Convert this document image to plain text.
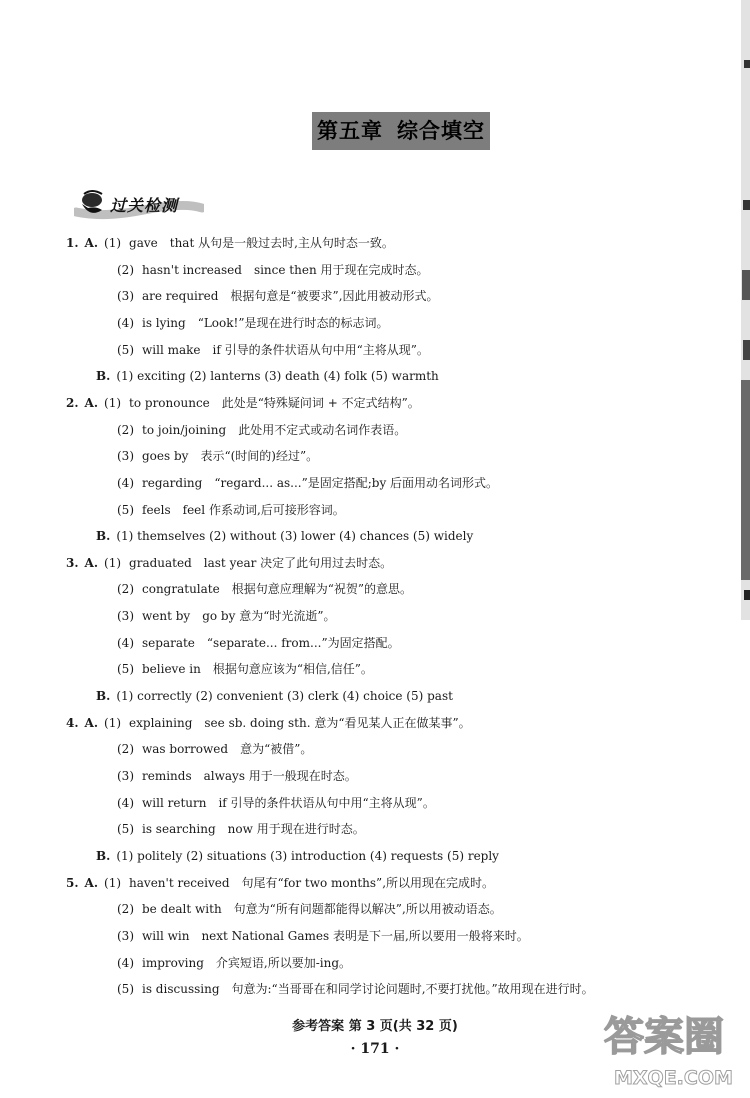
第五章 综合填空
过关检测
1. A. (1) gave that 从句是一般过去时,主从句时态一致。
(2) hasn't increased since then 用于现在完成时态。
(3) are required 根据句意是“被要求”,因此用被动形式。
(4) is lying “Look!”是现在进行时态的标志词。
(5) will make if 引导的条件状语从句中用“主将从现”。
B. (1) exciting (2) lanterns (3) death (4) folk (5) warmth
2. A. (1) to pronounce 此处是“特殊疑问词 + 不定式结构”。
(2) to join/joining 此处用不定式或动名词作表语。
(3) goes by 表示“(时间的)经过”。
(4) regarding “regard... as...”是固定搭配;by 后面用动名词形式。
(5) feels feel 作系动词,后可接形容词。
B. (1) themselves (2) without (3) lower (4) chances (5) widely
3. A. (1) graduated last year 决定了此句用过去时态。
(2) congratulate 根据句意应理解为“祝贺”的意思。
(3) went by go by 意为“时光流逝”。
(4) separate “separate... from...”为固定搭配。
(5) believe in 根据句意应该为“相信,信任”。
B. (1) correctly (2) convenient (3) clerk (4) choice (5) past
4. A. (1) explaining see sb. doing sth. 意为“看见某人正在做某事”。
(2) was borrowed 意为“被借”。
(3) reminds always 用于一般现在时态。
(4) will return if 引导的条件状语从句中用“主将从现”。
(5) is searching now 用于现在进行时态。
B. (1) politely (2) situations (3) introduction (4) requests (5) reply
5. A. (1) haven't received 句尾有“for two months”,所以用现在完成时。
(2) be dealt with 句意为“所有问题都能得以解决”,所以用被动语态。
(3) will win next National Games 表明是下一届,所以要用一般将来时。
(4) improving 介宾短语,所以要加-ing。
(5) is discussing 句意为:“当哥哥在和同学讨论问题时,不要打扰他。”故用现在进行时。
参考答案 第 3 页(共 32 页)
· 171 ·	答案圈
MXQE.COM
